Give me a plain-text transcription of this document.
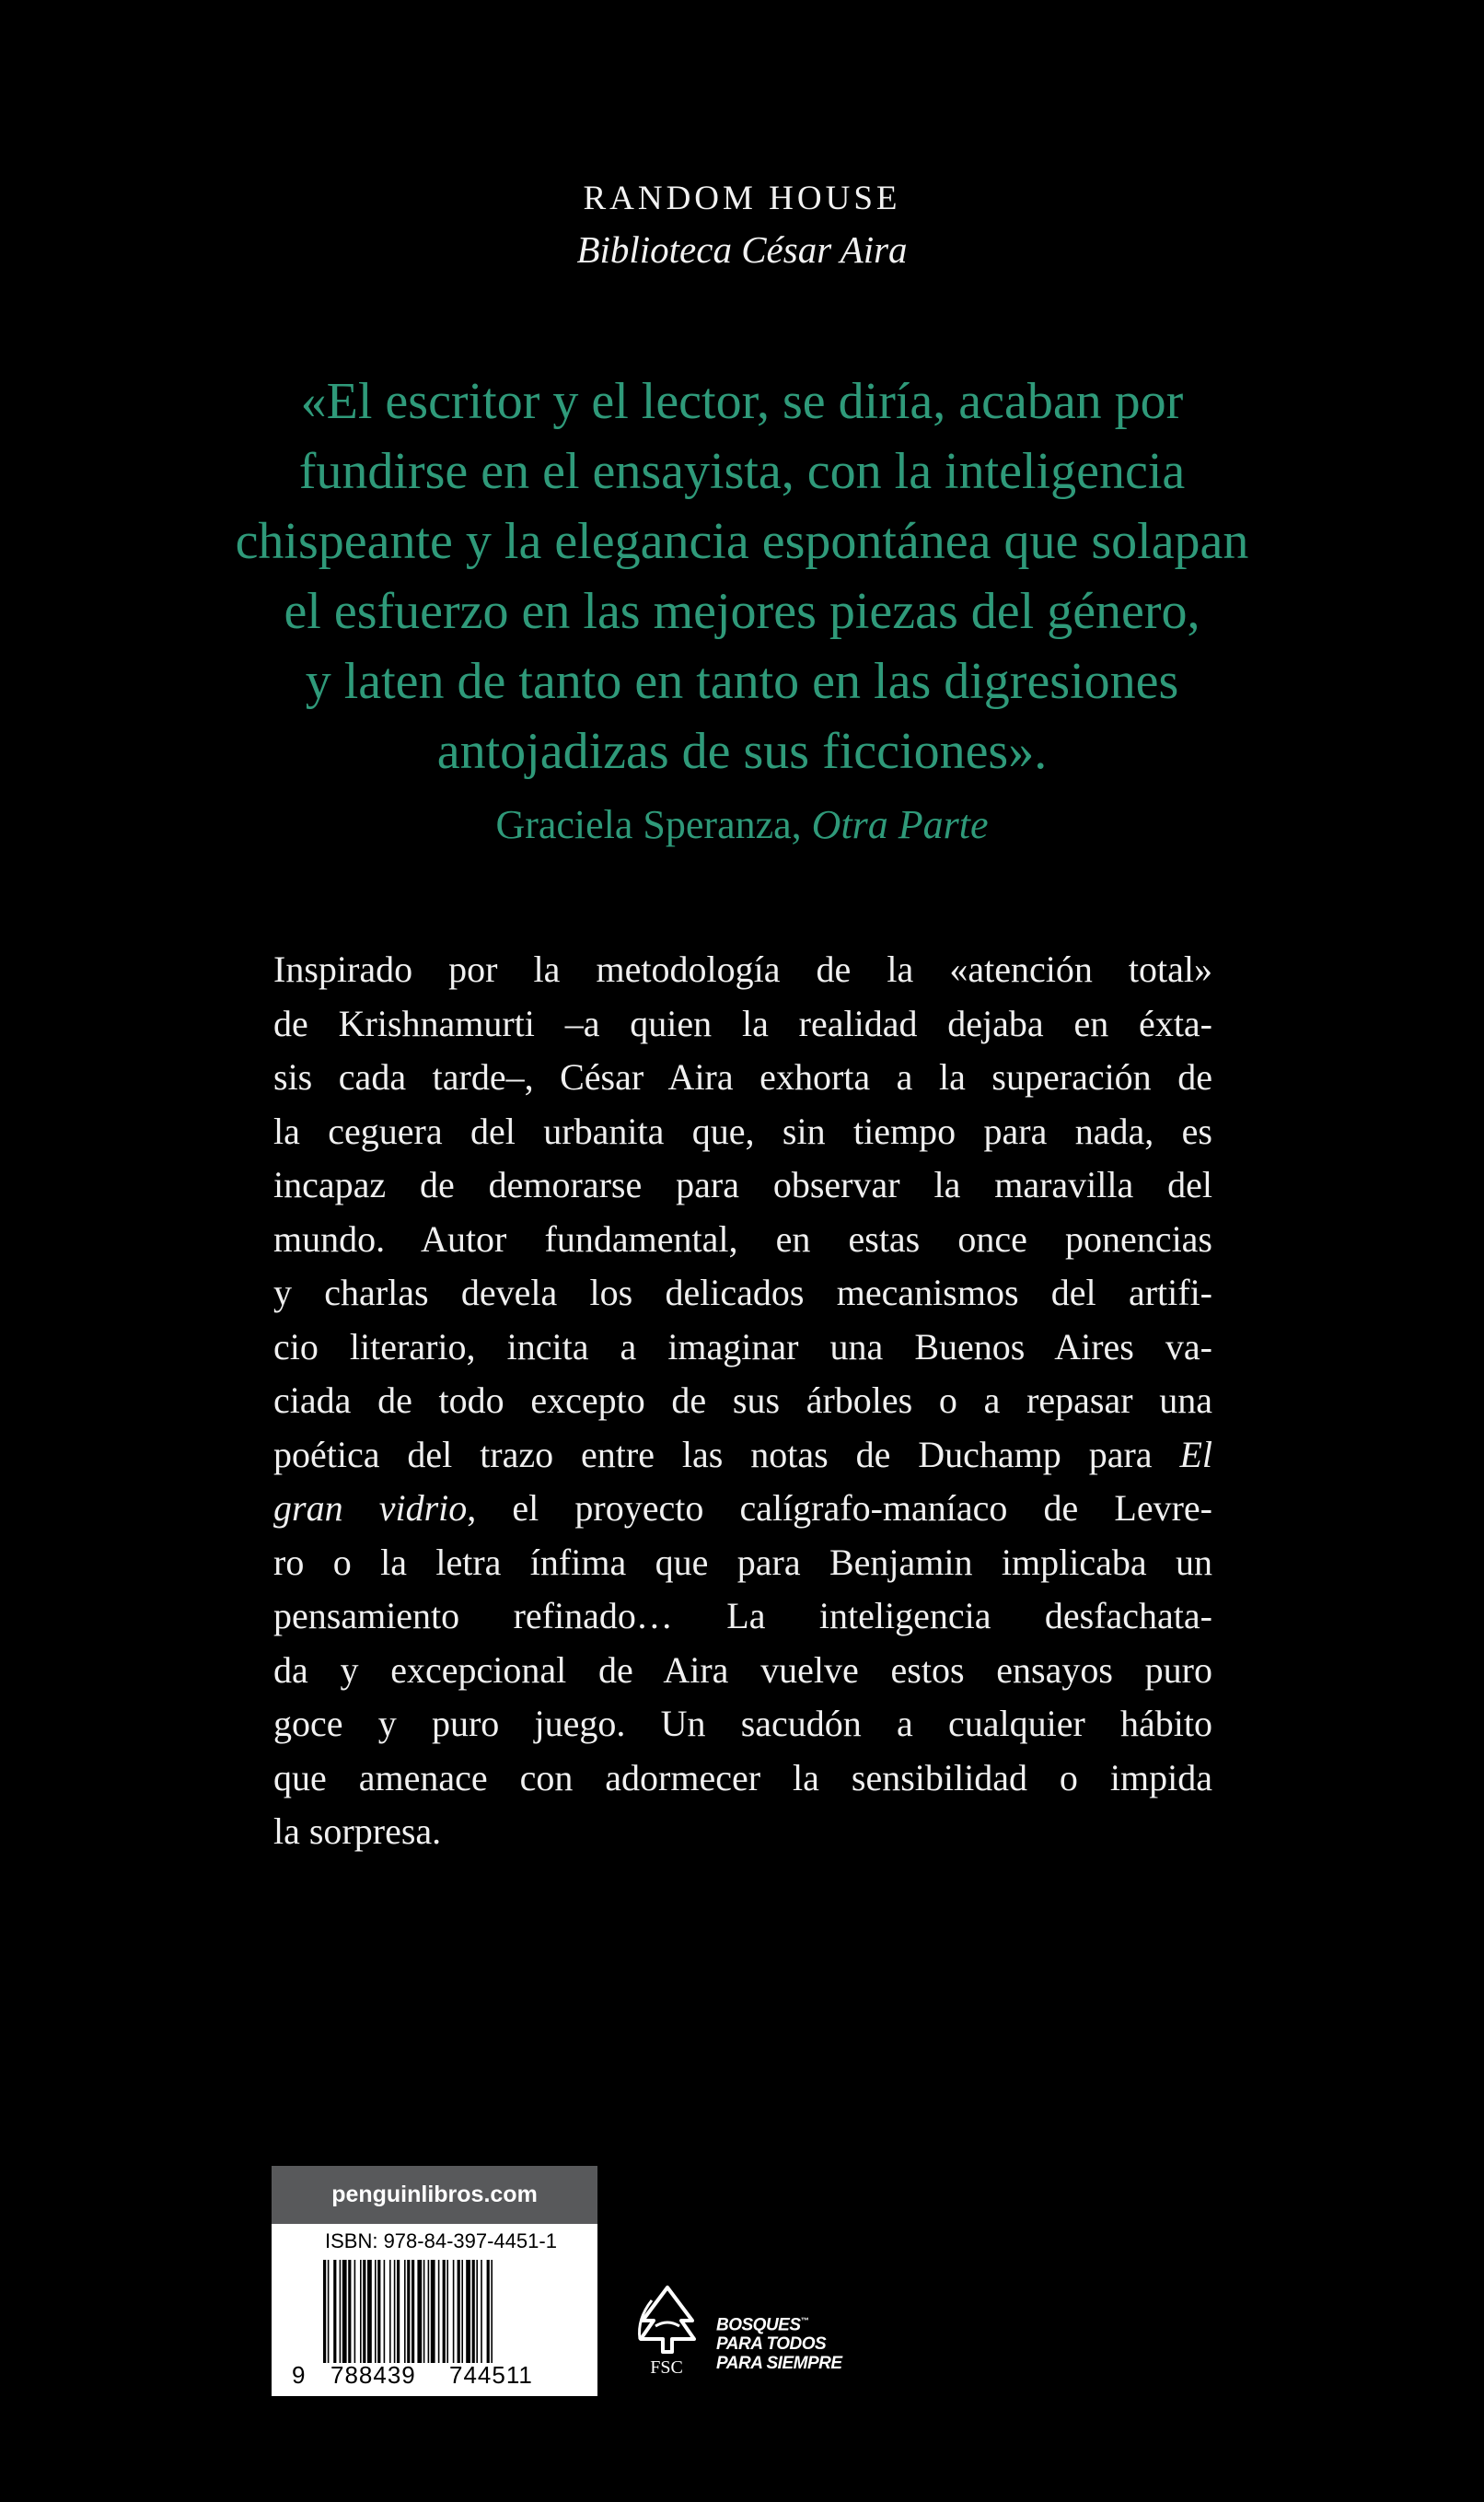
RANDOM HOUSE
Biblioteca César Aira
«El escritor y el lector, se diría, acaban por
fundirse en el ensayista, con la inteligencia
chispeante y la elegancia espontánea que solapan
el esfuerzo en las mejores piezas del género,
y laten de tanto en tanto en las digresiones
antojadizas de sus ficciones».
Graciela Speranza, Otra Parte
Inspirado por la metodología de la «atención total»
de Krishnamurti –a quien la realidad dejaba en éxta-
sis cada tarde–, César Aira exhorta a la superación de
la ceguera del urbanita que, sin tiempo para nada, es
incapaz de demorarse para observar la maravilla del
mundo. Autor fundamental, en estas once ponencias
y charlas devela los delicados mecanismos del artifi-
cio literario, incita a imaginar una Buenos Aires va-
ciada de todo excepto de sus árboles o a repasar una
poética del trazo entre las notas de Duchamp para El
gran vidrio, el proyecto calígrafo-maníaco de Levre-
ro o la letra ínfima que para Benjamin implicaba un
pensamiento refinado… La inteligencia desfachata-
da y excepcional de Aira vuelve estos ensayos puro
goce y puro juego. Un sacudón a cualquier hábito
que amenace con adormecer la sensibilidad o impida
la sorpresa.
penguinlibros.com
ISBN: 978-84-397-4451-1
9 788439 744511	FSC
BOSQUES™
PARA TODOS
PARA SIEMPRE
